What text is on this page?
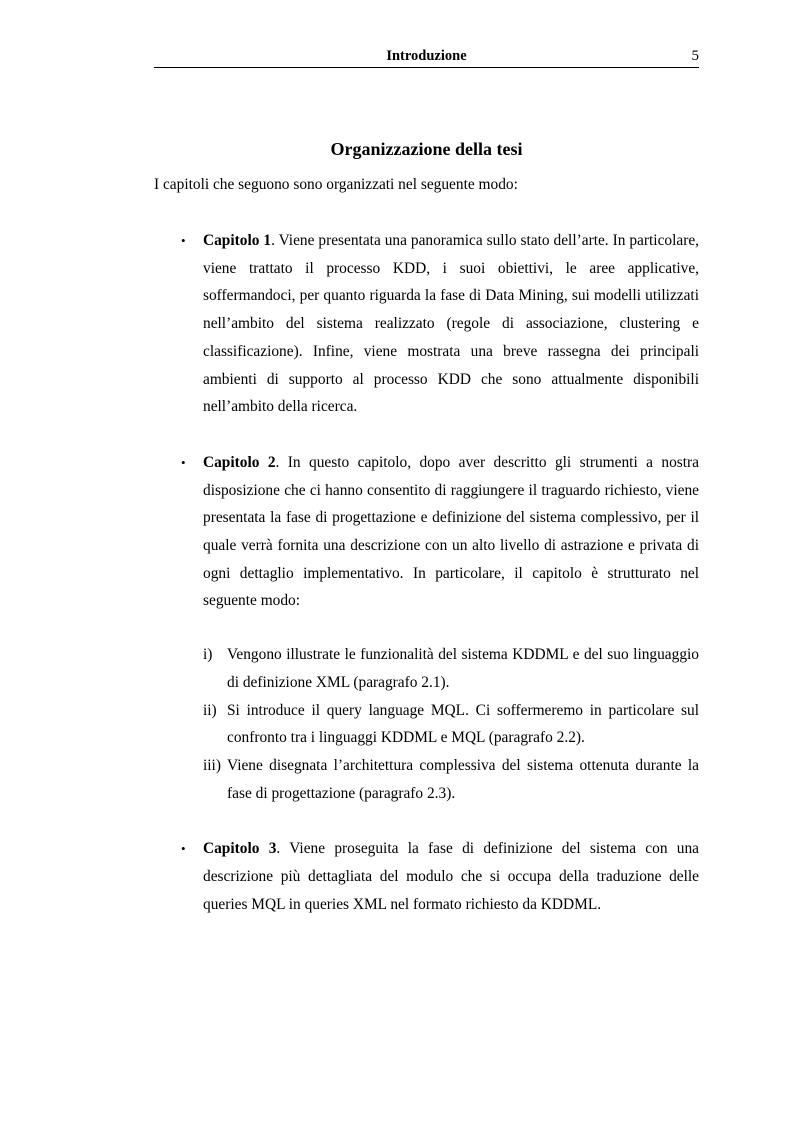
Introduzione	5
Organizzazione della tesi
I capitoli che seguono sono organizzati nel seguente modo:
• Capitolo 1. Viene presentata una panoramica sullo stato dell’arte. In particolare, viene trattato il processo KDD, i suoi obiettivi, le aree applicative, soffermandoci, per quanto riguarda la fase di Data Mining, sui modelli utilizzati nell’ambito del sistema realizzato (regole di associazione, clustering e classificazione). Infine, viene mostrata una breve rassegna dei principali ambienti di supporto al processo KDD che sono attualmente disponibili nell’ambito della ricerca.
• Capitolo 2. In questo capitolo, dopo aver descritto gli strumenti a nostra disposizione che ci hanno consentito di raggiungere il traguardo richiesto, viene presentata la fase di progettazione e definizione del sistema complessivo, per il quale verrà fornita una descrizione con un alto livello di astrazione e privata di ogni dettaglio implementativo. In particolare, il capitolo è strutturato nel seguente modo:
i) Vengono illustrate le funzionalità del sistema KDDML e del suo linguaggio di definizione XML (paragrafo 2.1).
ii) Si introduce il query language MQL. Ci soffermeremo in particolare sul confronto tra i linguaggi KDDML e MQL (paragrafo 2.2).
iii) Viene disegnata l’architettura complessiva del sistema ottenuta durante la fase di progettazione (paragrafo 2.3).
• Capitolo 3. Viene proseguita la fase di definizione del sistema con una descrizione più dettagliata del modulo che si occupa della traduzione delle queries MQL in queries XML nel formato richiesto da KDDML.
